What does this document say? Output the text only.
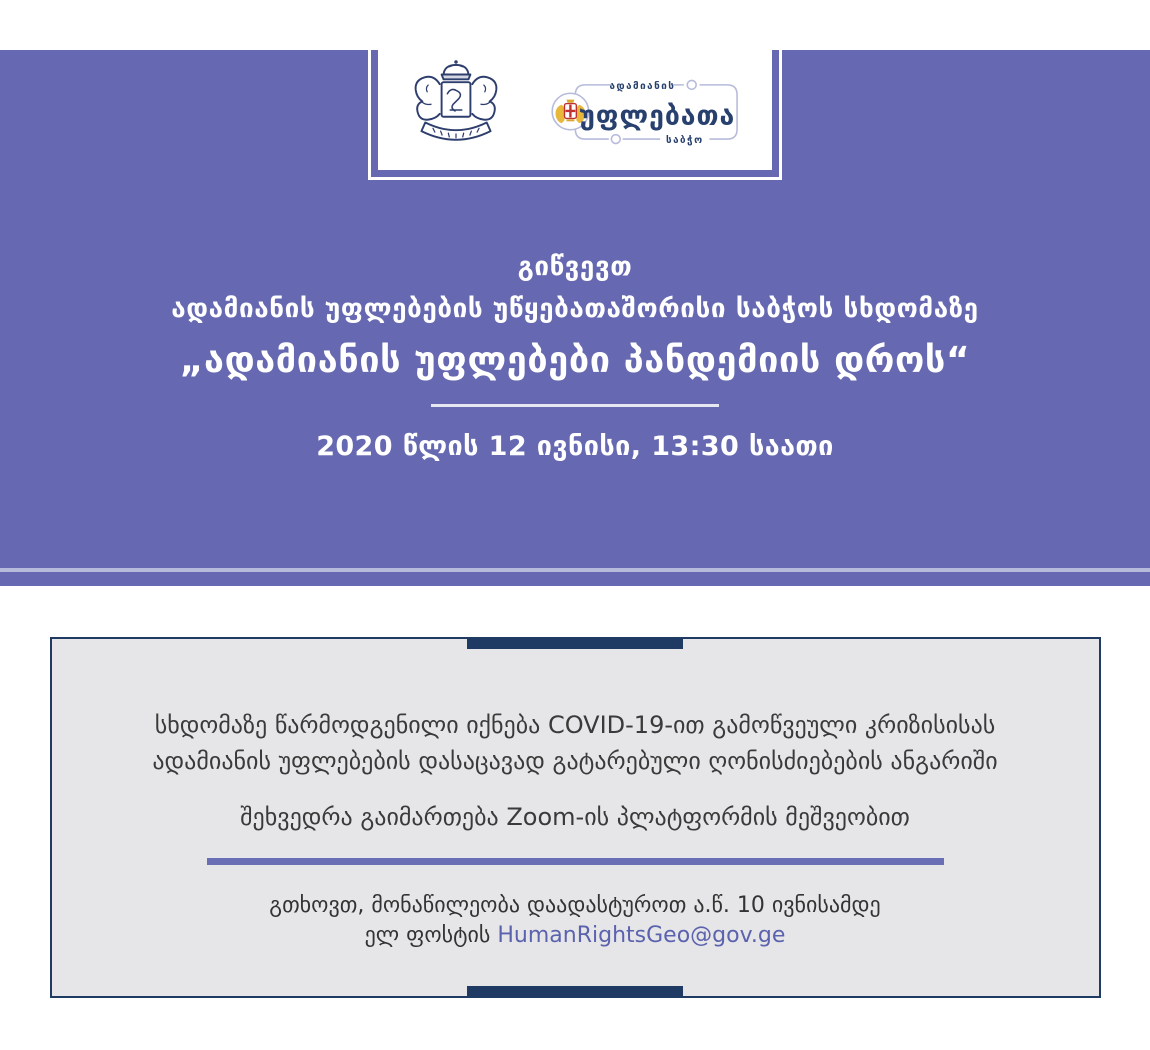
ადამიანის
უფლებათა
საბჭო
გიწვევთ
ადამიანის უფლებების უწყებათაშორისი საბჭოს სხდომაზე
„ადამიანის უფლებები პანდემიის დროს“
2020 წლის 12 ივნისი, 13:30 საათი

სხდომაზე წარმოდგენილი იქნება COVID-19-ით გამოწვეული კრიზისისას
ადამიანის უფლებების დასაცავად გატარებული ღონისძიებების ანგარიში

შეხვედრა გაიმართება Zoom-ის პლატფორმის მეშვეობით

გთხოვთ, მონაწილეობა დაადასტუროთ ა.წ. 10 ივნისამდე
ელ ფოსტის HumanRightsGeo@gov.ge
